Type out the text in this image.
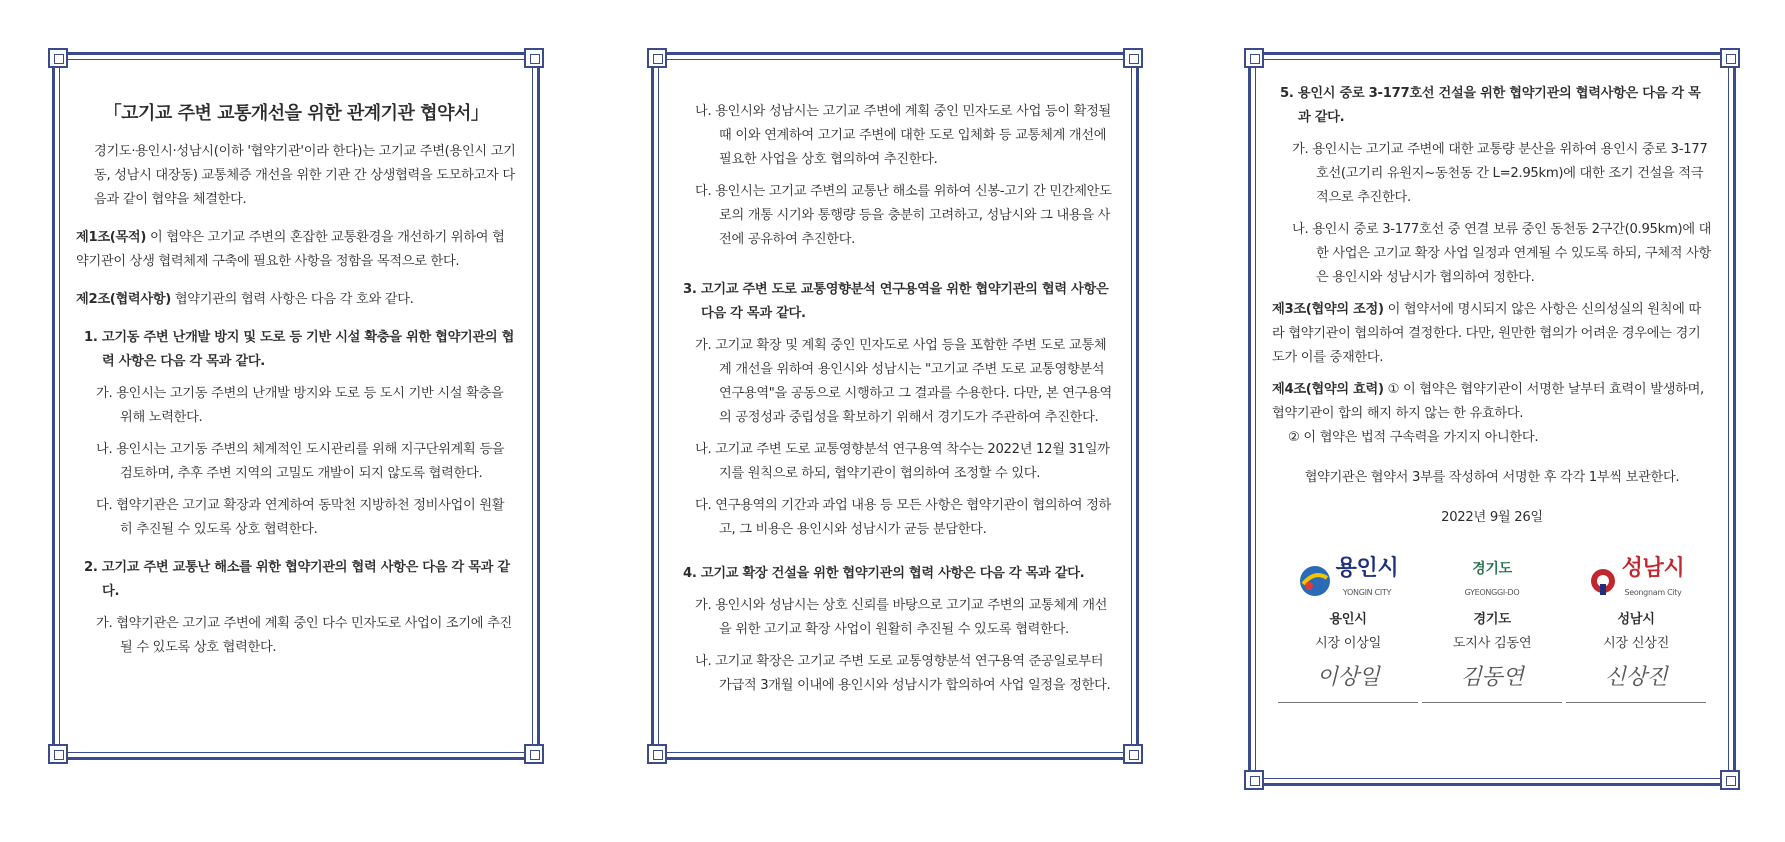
「고기교 주변 교통개선을 위한 관계기관 협약서」
경기도·용인시·성남시(이하 '협약기관'이라 한다)는 고기교 주변(용인시 고기동, 성남시 대장동) 교통체증 개선을 위한 기관 간 상생협력을 도모하고자 다음과 같이 협약을 체결한다.
제1조(목적) 이 협약은 고기교 주변의 혼잡한 교통환경을 개선하기 위하여 협약기관이 상생 협력체제 구축에 필요한 사항을 정함을 목적으로 한다.
제2조(협력사항) 협약기관의 협력 사항은 다음 각 호와 같다.
1. 고기동 주변 난개발 방지 및 도로 등 기반 시설 확충을 위한 협약기관의 협력 사항은 다음 각 목과 같다.
가. 용인시는 고기동 주변의 난개발 방지와 도로 등 도시 기반 시설 확충을 위해 노력한다.
나. 용인시는 고기동 주변의 체계적인 도시관리를 위해 지구단위계획 등을 검토하며, 추후 주변 지역의 고밀도 개발이 되지 않도록 협력한다.
다. 협약기관은 고기교 확장과 연계하여 동막천 지방하천 정비사업이 원활히 추진될 수 있도록 상호 협력한다.
2. 고기교 주변 교통난 해소를 위한 협약기관의 협력 사항은 다음 각 목과 같다.
가. 협약기관은 고기교 주변에 계획 중인 다수 민자도로 사업이 조기에 추진될 수 있도록 상호 협력한다.
나. 용인시와 성남시는 고기교 주변에 계획 중인 민자도로 사업 등이 확정될 때 이와 연계하여 고기교 주변에 대한 도로 입체화 등 교통체계 개선에 필요한 사업을 상호 협의하여 추진한다.
다. 용인시는 고기교 주변의 교통난 해소를 위하여 신봉-고기 간 민간제안도로의 개통 시기와 통행량 등을 충분히 고려하고, 성남시와 그 내용을 사전에 공유하여 추진한다.
3. 고기교 주변 도로 교통영향분석 연구용역을 위한 협약기관의 협력 사항은 다음 각 목과 같다.
가. 고기교 확장 및 계획 중인 민자도로 사업 등을 포함한 주변 도로 교통체계 개선을 위하여 용인시와 성남시는 "고기교 주변 도로 교통영향분석 연구용역"을 공동으로 시행하고 그 결과를 수용한다. 다만, 본 연구용역의 공정성과 중립성을 확보하기 위해서 경기도가 주관하여 추진한다.
나. 고기교 주변 도로 교통영향분석 연구용역 착수는 2022년 12월 31일까지를 원칙으로 하되, 협약기관이 협의하여 조정할 수 있다.
다. 연구용역의 기간과 과업 내용 등 모든 사항은 협약기관이 협의하여 정하고, 그 비용은 용인시와 성남시가 균등 분담한다.
4. 고기교 확장 건설을 위한 협약기관의 협력 사항은 다음 각 목과 같다.
가. 용인시와 성남시는 상호 신뢰를 바탕으로 고기교 주변의 교통체계 개선을 위한 고기교 확장 사업이 원활히 추진될 수 있도록 협력한다.
나. 고기교 확장은 고기교 주변 도로 교통영향분석 연구용역 준공일로부터 가급적 3개월 이내에 용인시와 성남시가 합의하여 사업 일정을 정한다.
5. 용인시 중로 3-177호선 건설을 위한 협약기관의 협력사항은 다음 각 목과 같다.
가. 용인시는 고기교 주변에 대한 교통량 분산을 위하여 용인시 중로 3-177호선(고기리 유원지~동천동 간 L=2.95km)에 대한 조기 건설을 적극적으로 추진한다.
나. 용인시 중로 3-177호선 중 연결 보류 중인 동천동 2구간(0.95km)에 대한 사업은 고기교 확장 사업 일정과 연계될 수 있도록 하되, 구체적 사항은 용인시와 성남시가 협의하여 정한다.
제3조(협약의 조정) 이 협약서에 명시되지 않은 사항은 신의성실의 원칙에 따라 협약기관이 협의하여 결정한다. 다만, 원만한 협의가 어려운 경우에는 경기도가 이를 중재한다.
제4조(협약의 효력) ① 이 협약은 협약기관이 서명한 날부터 효력이 발생하며, 협약기관이 합의 해지 하지 않는 한 유효하다.
② 이 협약은 법적 구속력을 가지지 아니한다.
협약기관은 협약서 3부를 작성하여 서명한 후 각각 1부씩 보관한다.
2022년 9월 26일
용인시
YONGIN CITY
용인시
시장 이상일
이상일
경기도
GYEONGGI-DO
경기도
도지사 김동연
김동연
성남시
Seongnam City
성남시
시장 신상진
신상진
